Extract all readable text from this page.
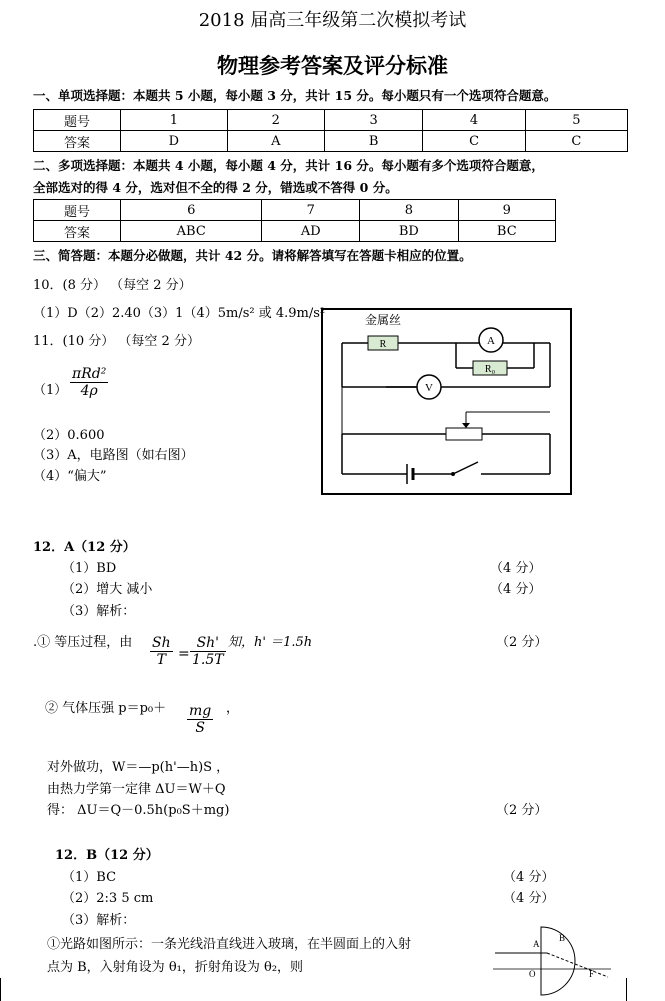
2018 届高三年级第二次模拟考试
物理参考答案及评分标准
一、单项选择题：本题共 5 小题，每小题 3 分，共计 15 分。每小题只有一个选项符合题意。
题号	1	2	3	4	5
答案	D	A	B	C	C
二、多项选择题：本题共 4 小题，每小题 4 分，共计 16 分。每小题有多个选项符合题意，
全部选对的得 4 分，选对但不全的得 2 分，错选或不答得 0 分。
题号	6	7	8	9
答案	ABC	AD	BD	BC
三、简答题：本题分必做题，共计 42 分。请将解答填写在答题卡相应的位置。
10．(8 分） （每空 2 分）
（1）D（2）2.40（3）1（4）5m/s² 或 4.9m/s²
11．(10 分） （每空 2 分）
（1）
πRd²
4ρ
（2）0.600
（3）A，电路图（如右图）
（4）“偏大”
金属丝
R	A
R₀
V
12．A（12 分）
（1）BD	（4 分）
（2）增大 减小	（4 分）
（3）解析：
.① 等压过程，由 $\frac{Sh}{T} = \frac{Sh'}{1.5T}$ 知，h' ＝1.5h	（2 分）
② 气体压强 $p=p_0+ \frac{mg}{S}$ ，
对外做功，W＝—p(h'—h)S ，
由热力学第一定律 ΔU＝W＋Q
得： ΔU＝Q－0.5h(p₀S＋mg)	（2 分）
12．B（12 分）
（1）BC	（4 分）
（2）2:3 5 cm	（4 分）
（3）解析：
①光路如图所示：一条光线沿直线进入玻璃，在半圆面上的入射
点为 B，入射角设为 θ₁，折射角设为 θ₂，则
A
B
O	F
